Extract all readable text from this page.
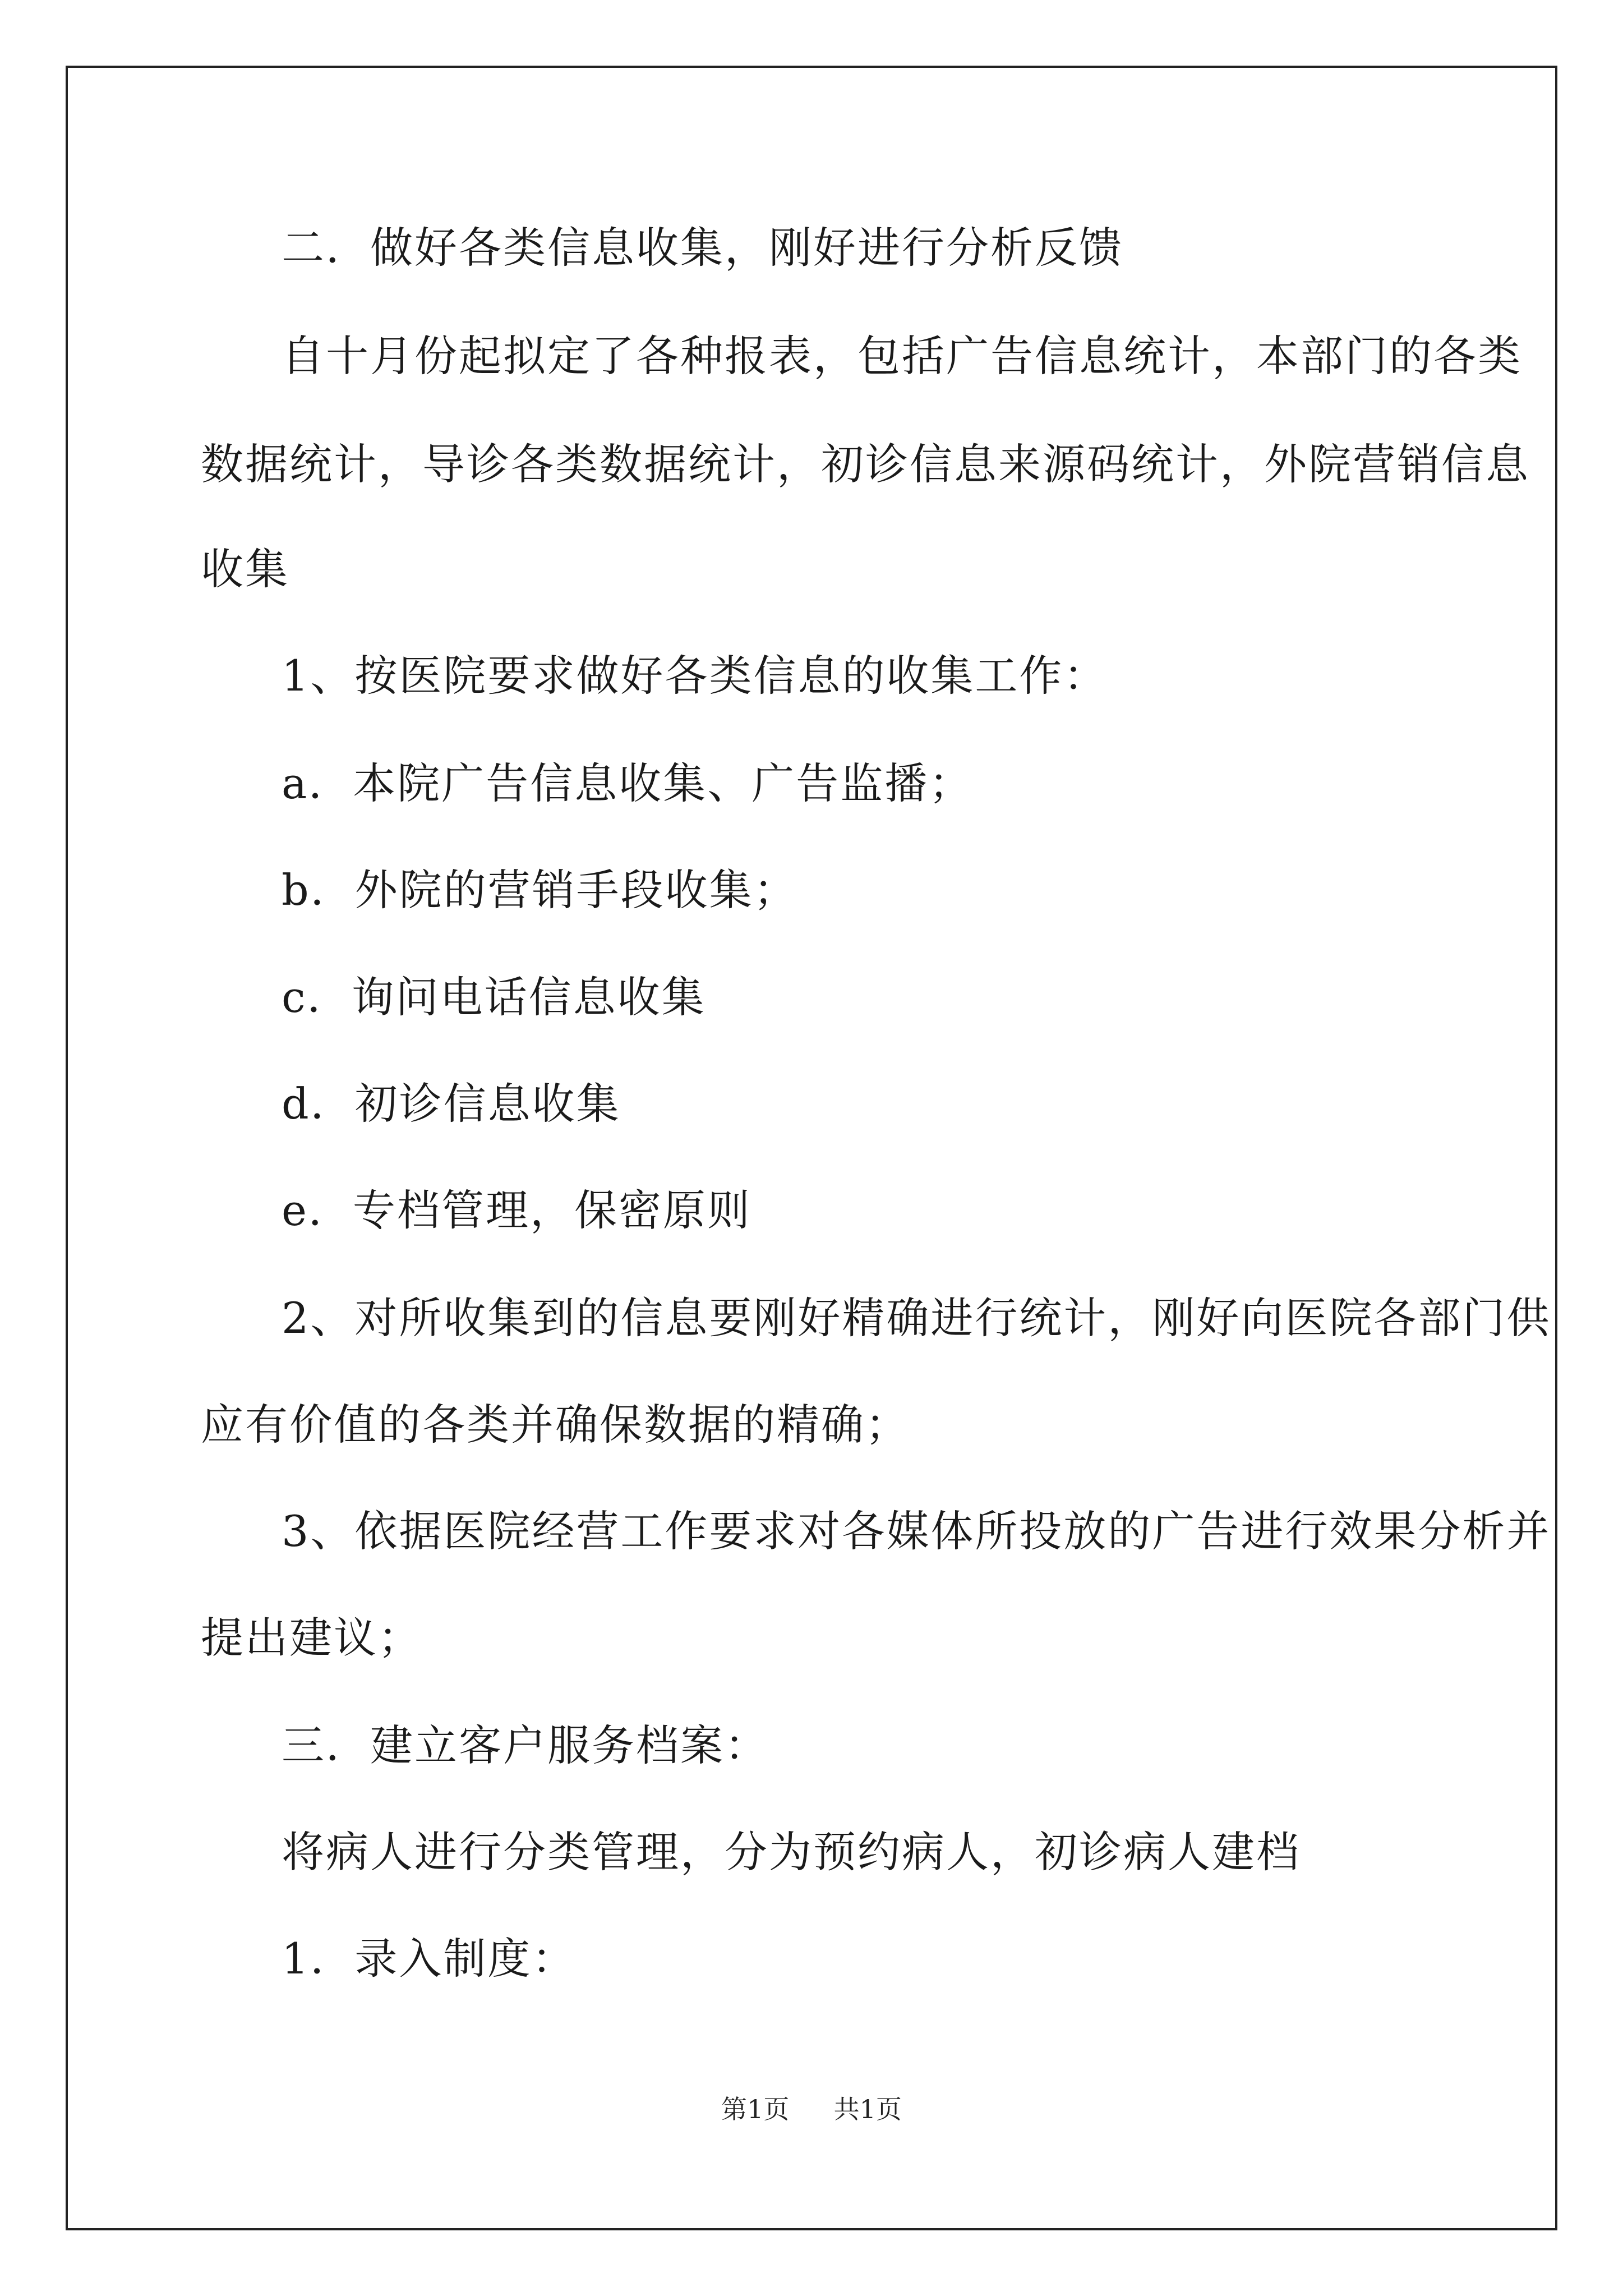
二．做好各类信息收集，刚好进行分析反馈
自十月份起拟定了各种报表，包括广告信息统计，本部门的各类
数据统计，导诊各类数据统计，初诊信息来源码统计，外院营销信息
收集
1、按医院要求做好各类信息的收集工作：
a．本院广告信息收集、广告监播；
b．外院的营销手段收集；
c．询问电话信息收集
d．初诊信息收集
e．专档管理，保密原则
2、对所收集到的信息要刚好精确进行统计，刚好向医院各部门供
应有价值的各类并确保数据的精确；
3、依据医院经营工作要求对各媒体所投放的广告进行效果分析并
提出建议；
三．建立客户服务档案：
将病人进行分类管理，分为预约病人，初诊病人建档
1．录入制度：
第1页 共1页
